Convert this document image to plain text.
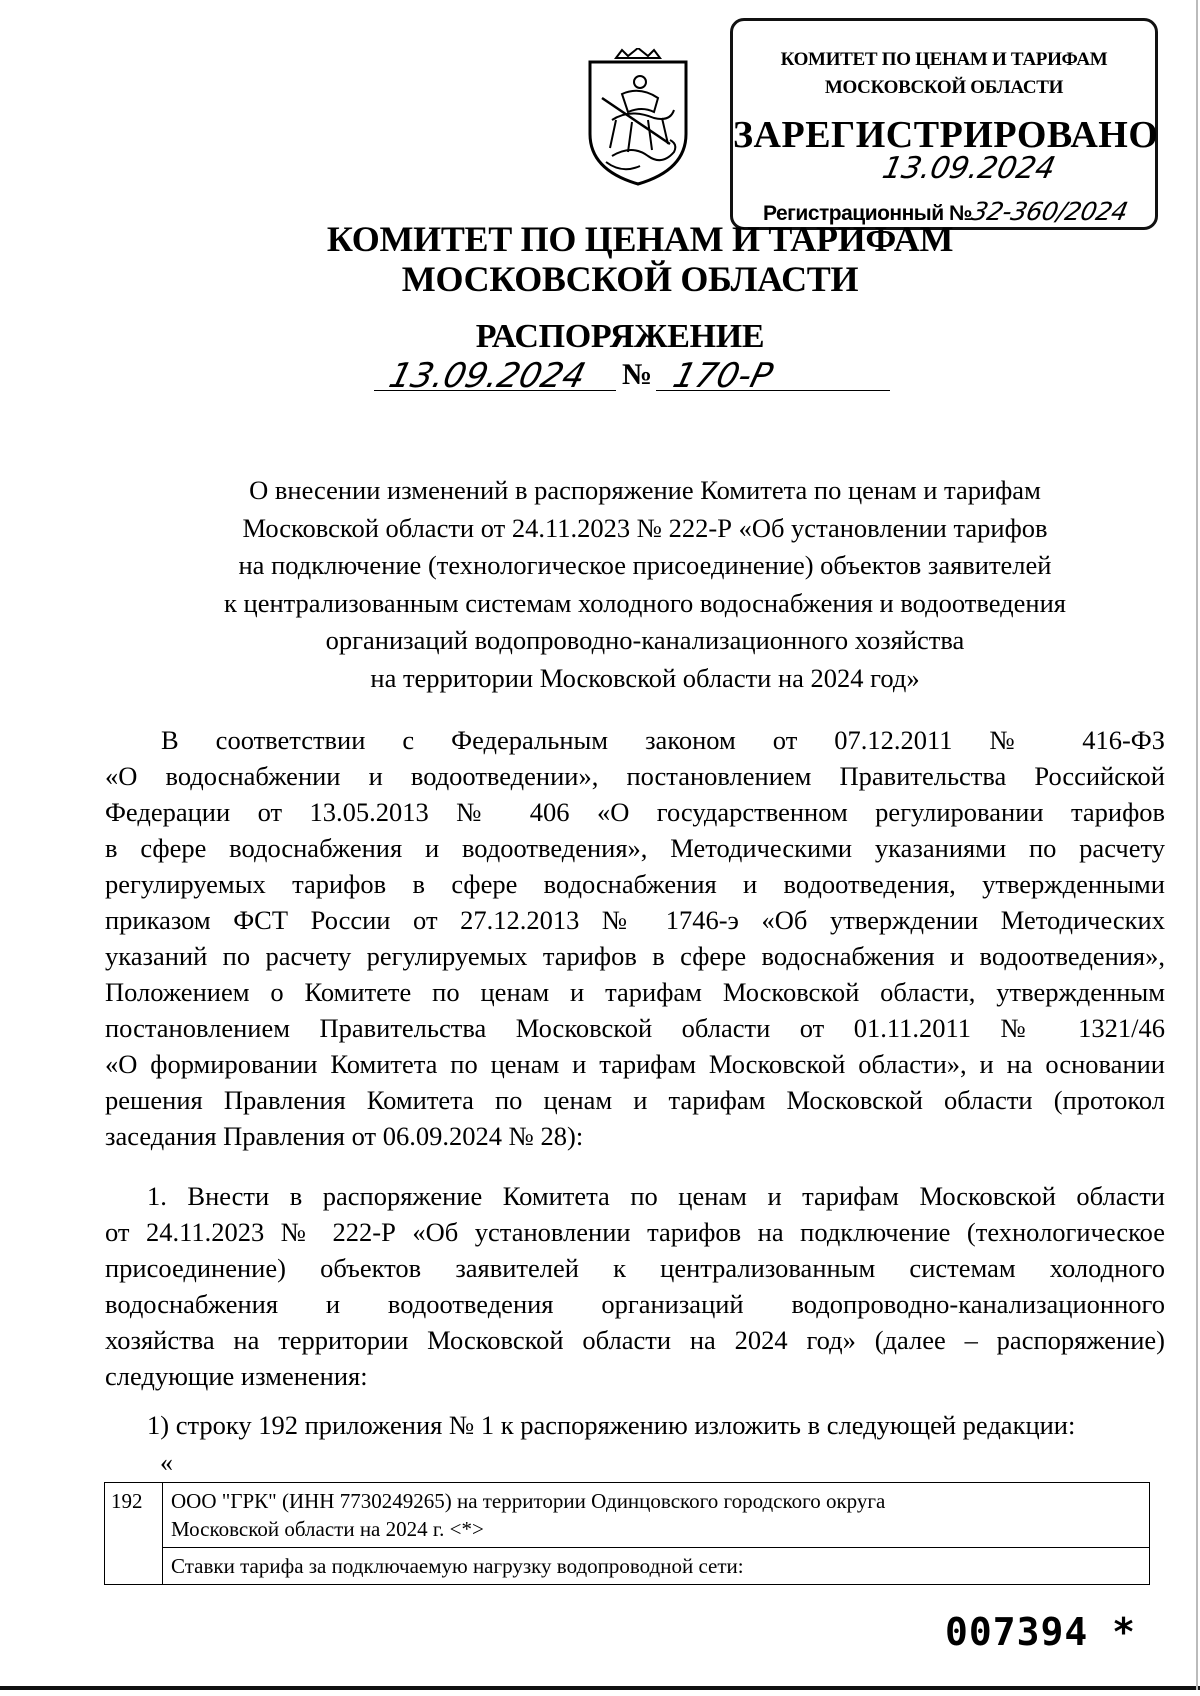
КОМИТЕТ ПО ЦЕНАМ И ТАРИФАМ
МОСКОВСКОЙ ОБЛАСТИ
ЗАРЕГИСТРИРОВАНО
13.09.2024
Регистрационный №32-360/2024
КОМИТЕТ ПО ЦЕНАМ И ТАРИФАМ
МОСКОВСКОЙ ОБЛАСТИ
РАСПОРЯЖЕНИЕ
13.09.2024 № 170-Р
О внесении изменений в распоряжение Комитета по ценам и тарифам
Московской области от 24.11.2023 № 222-Р «Об установлении тарифов
на подключение (технологическое присоединение) объектов заявителей
к централизованным системам холодного водоснабжения и водоотведения
организаций водопроводно-канализационного хозяйства
на территории Московской области на 2024 год»
В соответствии с Федеральным законом от 07.12.2011 № 416-ФЗ
«О водоснабжении и водоотведении», постановлением Правительства Российской
Федерации от 13.05.2013 № 406 «О государственном регулировании тарифов
в сфере водоснабжения и водоотведения», Методическими указаниями по расчету
регулируемых тарифов в сфере водоснабжения и водоотведения, утвержденными
приказом ФСТ России от 27.12.2013 № 1746-э «Об утверждении Методических
указаний по расчету регулируемых тарифов в сфере водоснабжения и водоотведения»,
Положением о Комитете по ценам и тарифам Московской области, утвержденным
постановлением Правительства Московской области от 01.11.2011 № 1321/46
«О формировании Комитета по ценам и тарифам Московской области», и на основании
решения Правления Комитета по ценам и тарифам Московской области (протокол
заседания Правления от 06.09.2024 № 28):
1. Внести в распоряжение Комитета по ценам и тарифам Московской области
от 24.11.2023 № 222-Р «Об установлении тарифов на подключение (технологическое
присоединение) объектов заявителей к централизованным системам холодного
водоснабжения и водоотведения организаций водопроводно-канализационного
хозяйства на территории Московской области на 2024 год» (далее – распоряжение)
следующие изменения:
1) строку 192 приложения № 1 к распоряжению изложить в следующей редакции:
«
192	ООО "ГРК" (ИНН 7730249265) на территории Одинцовского городского округа
Московской области на 2024 г. <*>
Ставки тарифа за подключаемую нагрузку водопроводной сети:
007394 *
